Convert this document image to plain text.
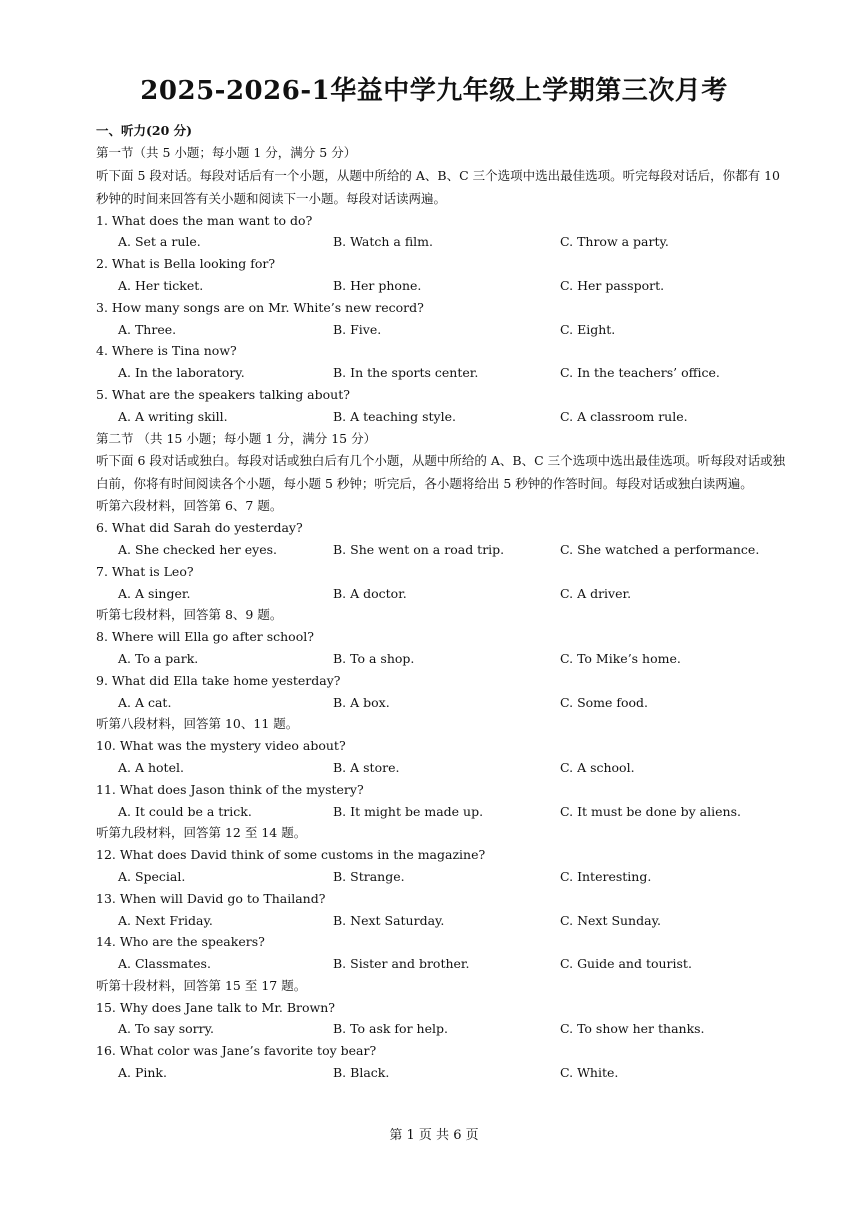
2025-2026-1华益中学九年级上学期第三次月考
一、听力(20 分)
第一节（共 5 小题；每小题 1 分，满分 5 分）
听下面 5 段对话。每段对话后有一个小题，从题中所给的 A、B、C 三个选项中选出最佳选项。听完每段对话后，你都有 10 秒钟的时间来回答有关小题和阅读下一小题。每段对话读两遍。
1. What does the man want to do?
A. Set a rule.	B. Watch a film.	C. Throw a party.
2. What is Bella looking for?
A. Her ticket.	B. Her phone.	C. Her passport.
3. How many songs are on Mr. White’s new record?
A. Three.	B. Five.	C. Eight.
4. Where is Tina now?
A. In the laboratory.	B. In the sports center.	C. In the teachers’ office.
5. What are the speakers talking about?
A. A writing skill.	B. A teaching style.	C. A classroom rule.
第二节 （共 15 小题；每小题 1 分，满分 15 分）
听下面 6 段对话或独白。每段对话或独白后有几个小题，从题中所给的 A、B、C 三个选项中选出最佳选项。听每段对话或独白前，你将有时间阅读各个小题，每小题 5 秒钟；听完后，各小题将给出 5 秒钟的作答时间。每段对话或独白读两遍。
听第六段材料，回答第 6、7 题。
6. What did Sarah do yesterday?
A. She checked her eyes.	B. She went on a road trip.	C. She watched a performance.
7. What is Leo?
A. A singer.	B. A doctor.	C. A driver.
听第七段材料，回答第 8、9 题。
8. Where will Ella go after school?
A. To a park.	B. To a shop.	C. To Mike’s home.
9. What did Ella take home yesterday?
A. A cat.	B. A box.	C. Some food.
听第八段材料，回答第 10、11 题。
10. What was the mystery video about?
A. A hotel.	B. A store.	C. A school.
11. What does Jason think of the mystery?
A. It could be a trick.	B. It might be made up.	C. It must be done by aliens.
听第九段材料，回答第 12 至 14 题。
12. What does David think of some customs in the magazine?
A. Special.	B. Strange.	C. Interesting.
13. When will David go to Thailand?
A. Next Friday.	B. Next Saturday.	C. Next Sunday.
14. Who are the speakers?
A. Classmates.	B. Sister and brother.	C. Guide and tourist.
听第十段材料，回答第 15 至 17 题。
15. Why does Jane talk to Mr. Brown?
A. To say sorry.	B. To ask for help.	C. To show her thanks.
16. What color was Jane’s favorite toy bear?
A. Pink.	B. Black.	C. White.
第 1 页 共 6 页
